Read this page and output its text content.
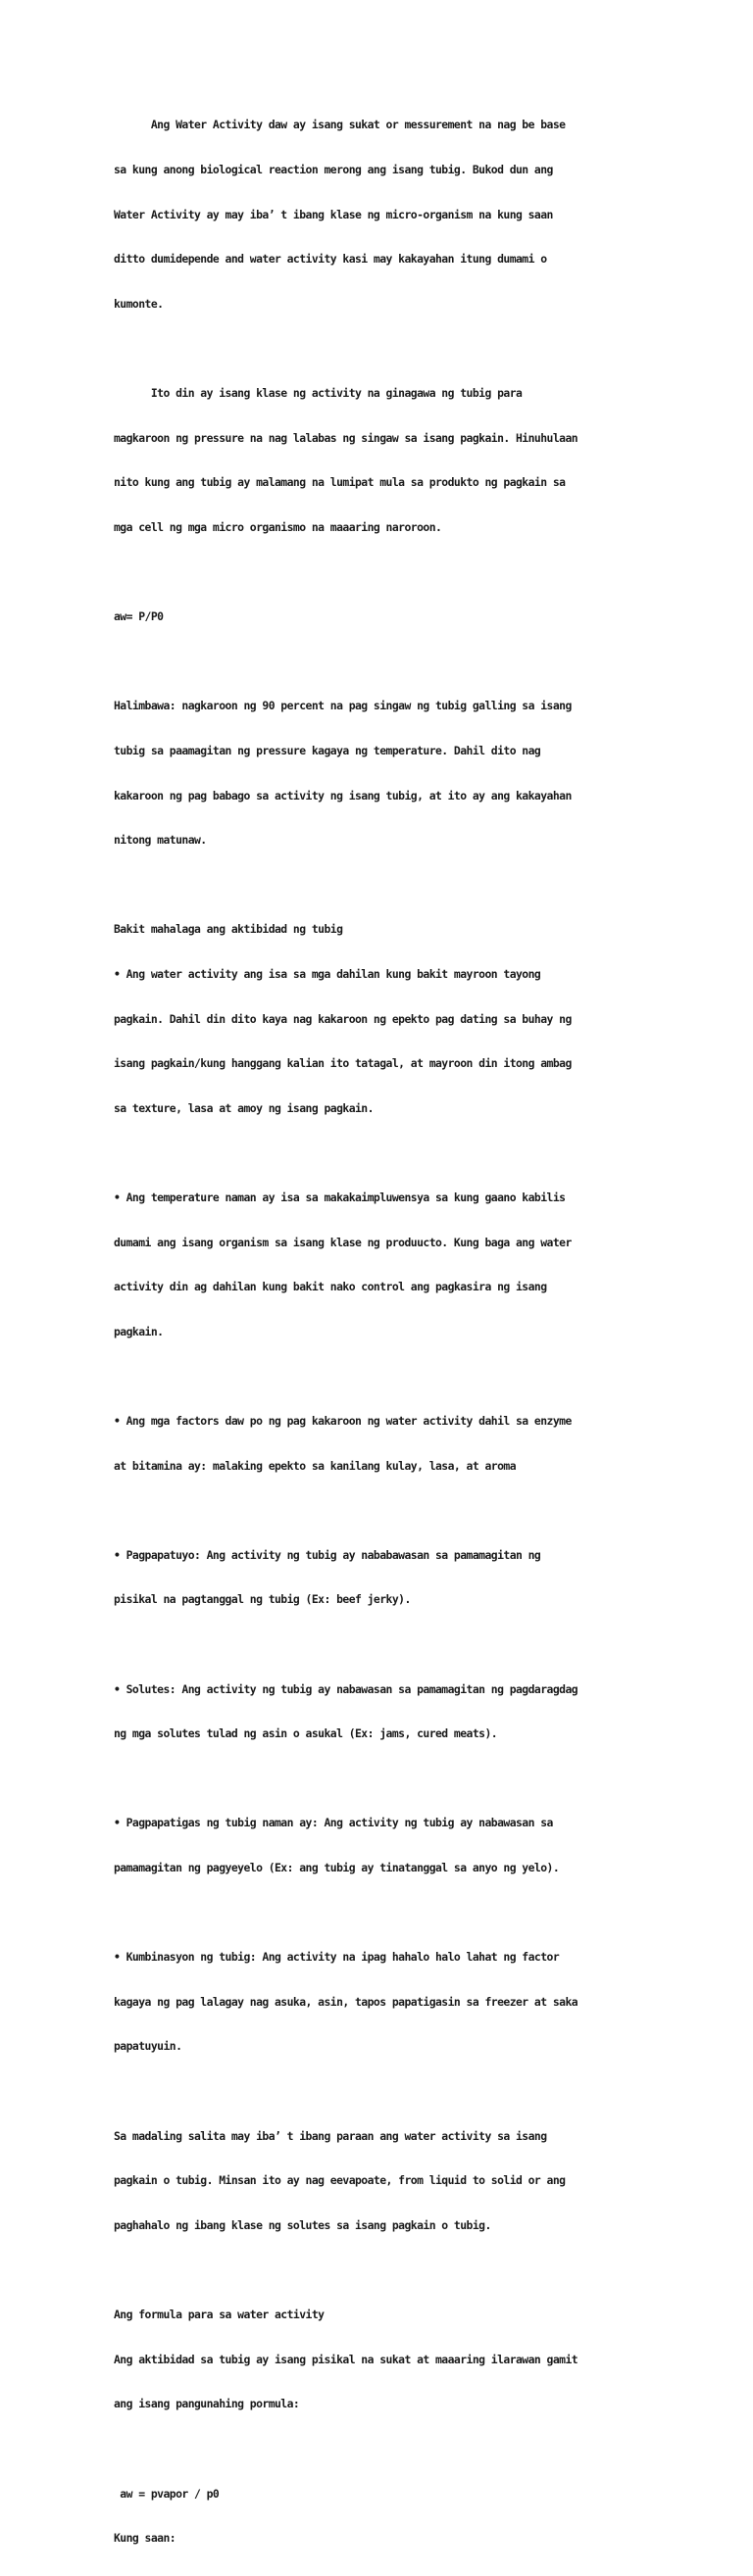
Ang Water Activity daw ay isang sukat or messurement na nag be base

sa kung anong biological reaction merong ang isang tubig. Bukod dun ang

Water Activity ay may iba’ t ibang klase ng micro-organism na kung saan

ditto dumidepende and water activity kasi may kakayahan itung dumami o

kumonte.

Ito din ay isang klase ng activity na ginagawa ng tubig para

magkaroon ng pressure na nag lalabas ng singaw sa isang pagkain. Hinuhulaan

nito kung ang tubig ay malamang na lumipat mula sa produkto ng pagkain sa

mga cell ng mga micro organismo na maaaring naroroon.

aw= P/P0

Halimbawa: nagkaroon ng 90 percent na pag singaw ng tubig galling sa isang

tubig sa paamagitan ng pressure kagaya ng temperature. Dahil dito nag

kakaroon ng pag babago sa activity ng isang tubig, at ito ay ang kakayahan

nitong matunaw.

Bakit mahalaga ang aktibidad ng tubig

• Ang water activity ang isa sa mga dahilan kung bakit mayroon tayong

pagkain. Dahil din dito kaya nag kakaroon ng epekto pag dating sa buhay ng

isang pagkain/kung hanggang kalian ito tatagal, at mayroon din itong ambag

sa texture, lasa at amoy ng isang pagkain.

• Ang temperature naman ay isa sa makakaimpluwensya sa kung gaano kabilis

dumami ang isang organism sa isang klase ng produucto. Kung baga ang water

activity din ag dahilan kung bakit nako control ang pagkasira ng isang

pagkain.

• Ang mga factors daw po ng pag kakaroon ng water activity dahil sa enzyme

at bitamina ay: malaking epekto sa kanilang kulay, lasa, at aroma

• Pagpapatuyo: Ang activity ng tubig ay nababawasan sa pamamagitan ng

pisikal na pagtanggal ng tubig (Ex: beef jerky).

• Solutes: Ang activity ng tubig ay nabawasan sa pamamagitan ng pagdaragdag

ng mga solutes tulad ng asin o asukal (Ex: jams, cured meats).

• Pagpapatigas ng tubig naman ay: Ang activity ng tubig ay nabawasan sa

pamamagitan ng pagyeyelo (Ex: ang tubig ay tinatanggal sa anyo ng yelo).

• Kumbinasyon ng tubig: Ang activity na ipag hahalo halo lahat ng factor

kagaya ng pag lalagay nag asuka, asin, tapos papatigasin sa freezer at saka

papatuyuin.

Sa madaling salita may iba’ t ibang paraan ang water activity sa isang

pagkain o tubig. Minsan ito ay nag eevapoate, from liquid to solid or ang

paghahalo ng ibang klase ng solutes sa isang pagkain o tubig.

Ang formula para sa water activity

Ang aktibidad sa tubig ay isang pisikal na sukat at maaaring ilarawan gamit

ang isang pangunahing pormula:

aw = pvapor / p0

Kung saan:
